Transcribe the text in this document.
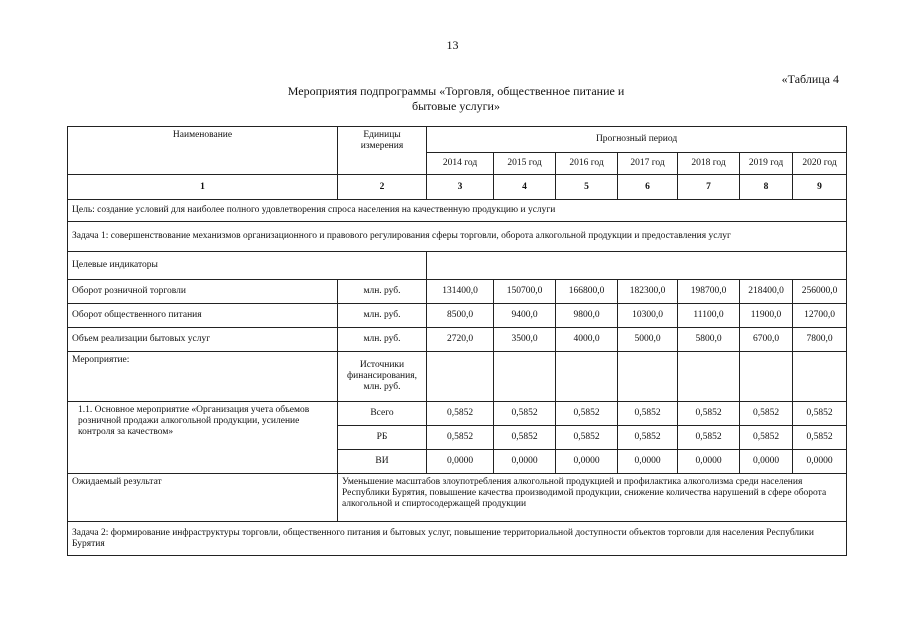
13
«Таблица 4
Мероприятия подпрограммы «Торговля, общественное питание и
бытовые услуги»
Наименование	Единицы измерения	Прогнозный период						
		2014 год	2015 год	2016 год	2017 год	2018 год	2019 год	2020 год
1	2	3	4	5	6	7	8	9
Цель: создание условий для наиболее полного удовлетворения спроса населения на качественную продукцию и услуги								
Задача 1: совершенствование механизмов организационного и правового регулирования сферы торговли, оборота алкогольной продукции и предоставления услуг								
Целевые индикаторы								
Оборот розничной торговли	млн. руб.	131400,0	150700,0	166800,0	182300,0	198700,0	218400,0	256000,0
Оборот общественного питания	млн. руб.	8500,0	9400,0	9800,0	10300,0	11100,0	11900,0	12700,0
Объем реализации бытовых услуг	млн. руб.	2720,0	3500,0	4000,0	5000,0	5800,0	6700,0	7800,0
Мероприятие:	Источники финансирования, млн. руб.							
1.1. Основное мероприятие «Организация учета объемов розничной продажи алкогольной продукции, усиление контроля за качеством»	Всего	0,5852	0,5852	0,5852	0,5852	0,5852	0,5852	0,5852
	РБ	0,5852	0,5852	0,5852	0,5852	0,5852	0,5852	0,5852
	ВИ	0,0000	0,0000	0,0000	0,0000	0,0000	0,0000	0,0000
Ожидаемый результат	Уменьшение масштабов злоупотребления алкогольной продукцией и профилактика алкоголизма среди населения Республики Бурятия, повышение качества производимой продукции, снижение количества нарушений в сфере оборота алкогольной и спиртосодержащей продукции							
Задача 2: формирование инфраструктуры торговли, общественного питания и бытовых услуг, повышение территориальной доступности объектов торговли для населения Республики Бурятия								
